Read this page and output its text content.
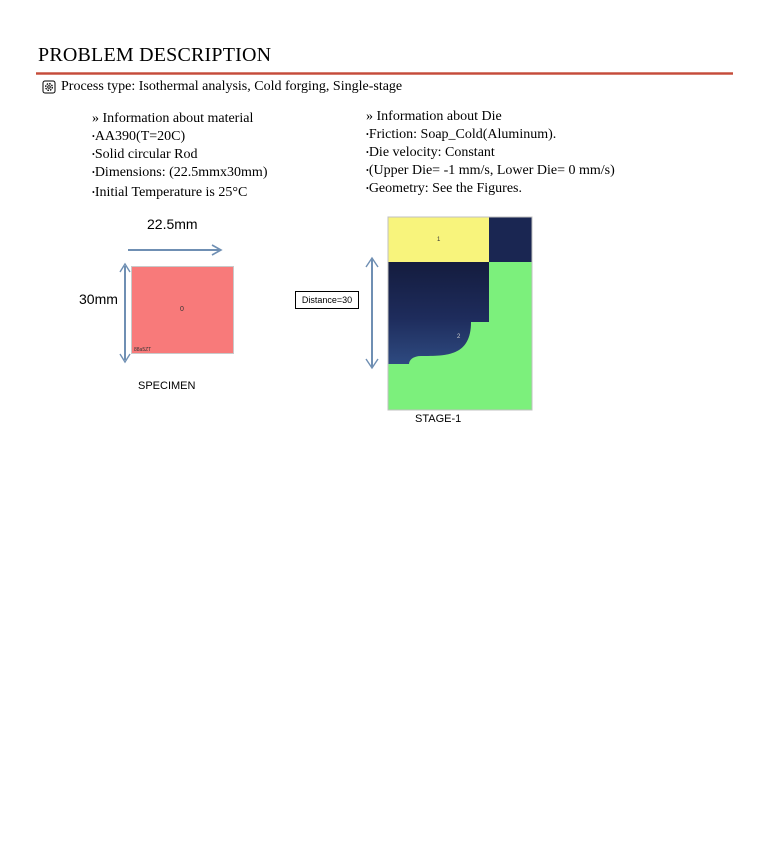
PROBLEM DESCRIPTION
Process type: Isothermal analysis, Cold forging, Single-stage
» Information about material
•AA390(T=20C)
•Solid circular Rod
•Dimensions: (22.5mmx30mm)
•Initial Temperature is 25°C
» Information about Die
•Friction: Soap_Cold(Aluminum).
•Die velocity: Constant
•(Upper Die= -1 mm/s, Lower Die= 0 mm/s)
•Geometry: See the Figures.
22.5mm
30mm
0
88a5ZT
SPECIMEN
Distance=30
1
2
STAGE-1
